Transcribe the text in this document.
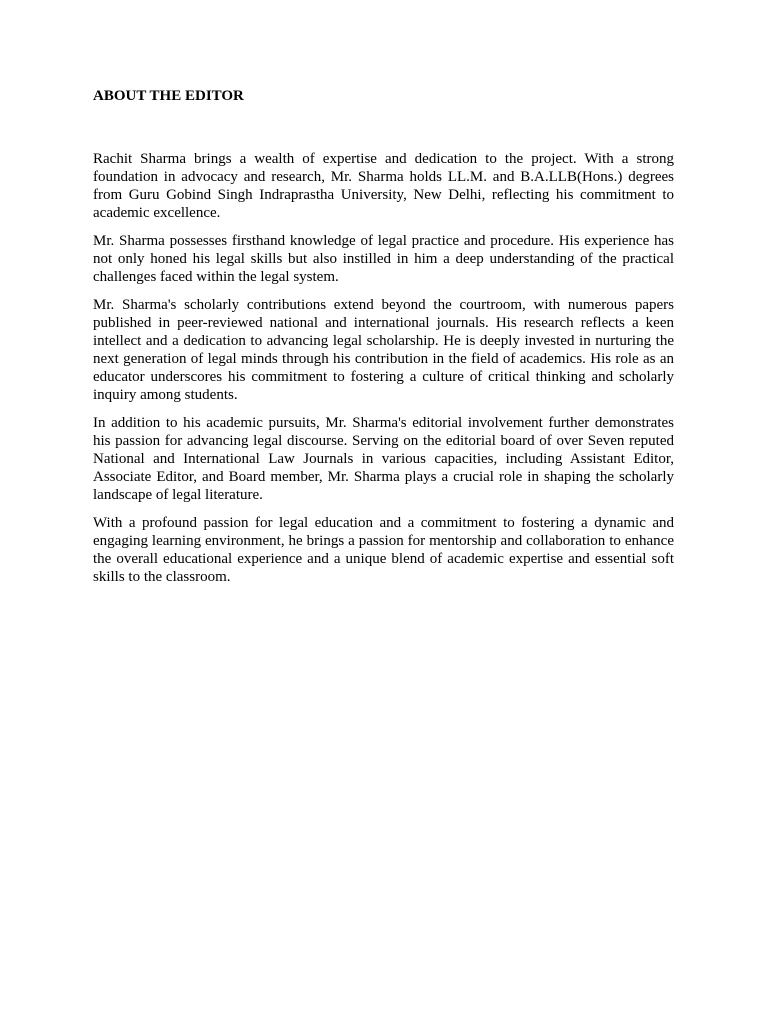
ABOUT THE EDITOR

Rachit Sharma brings a wealth of expertise and dedication to the project. With a strong foundation in advocacy and research, Mr. Sharma holds LL.M. and B.A.LLB(Hons.) degrees from Guru Gobind Singh Indraprastha University, New Delhi, reflecting his commitment to academic excellence.

Mr. Sharma possesses firsthand knowledge of legal practice and procedure. His experience has not only honed his legal skills but also instilled in him a deep understanding of the practical challenges faced within the legal system.

Mr. Sharma's scholarly contributions extend beyond the courtroom, with numerous papers published in peer-reviewed national and international journals. His research reflects a keen intellect and a dedication to advancing legal scholarship. He is deeply invested in nurturing the next generation of legal minds through his contribution in the field of academics. His role as an educator underscores his commitment to fostering a culture of critical thinking and scholarly inquiry among students.

In addition to his academic pursuits, Mr. Sharma's editorial involvement further demonstrates his passion for advancing legal discourse. Serving on the editorial board of over Seven reputed National and International Law Journals in various capacities, including Assistant Editor, Associate Editor, and Board member, Mr. Sharma plays a crucial role in shaping the scholarly landscape of legal literature.

With a profound passion for legal education and a commitment to fostering a dynamic and engaging learning environment, he brings a passion for mentorship and collaboration to enhance the overall educational experience and a unique blend of academic expertise and essential soft skills to the classroom.
